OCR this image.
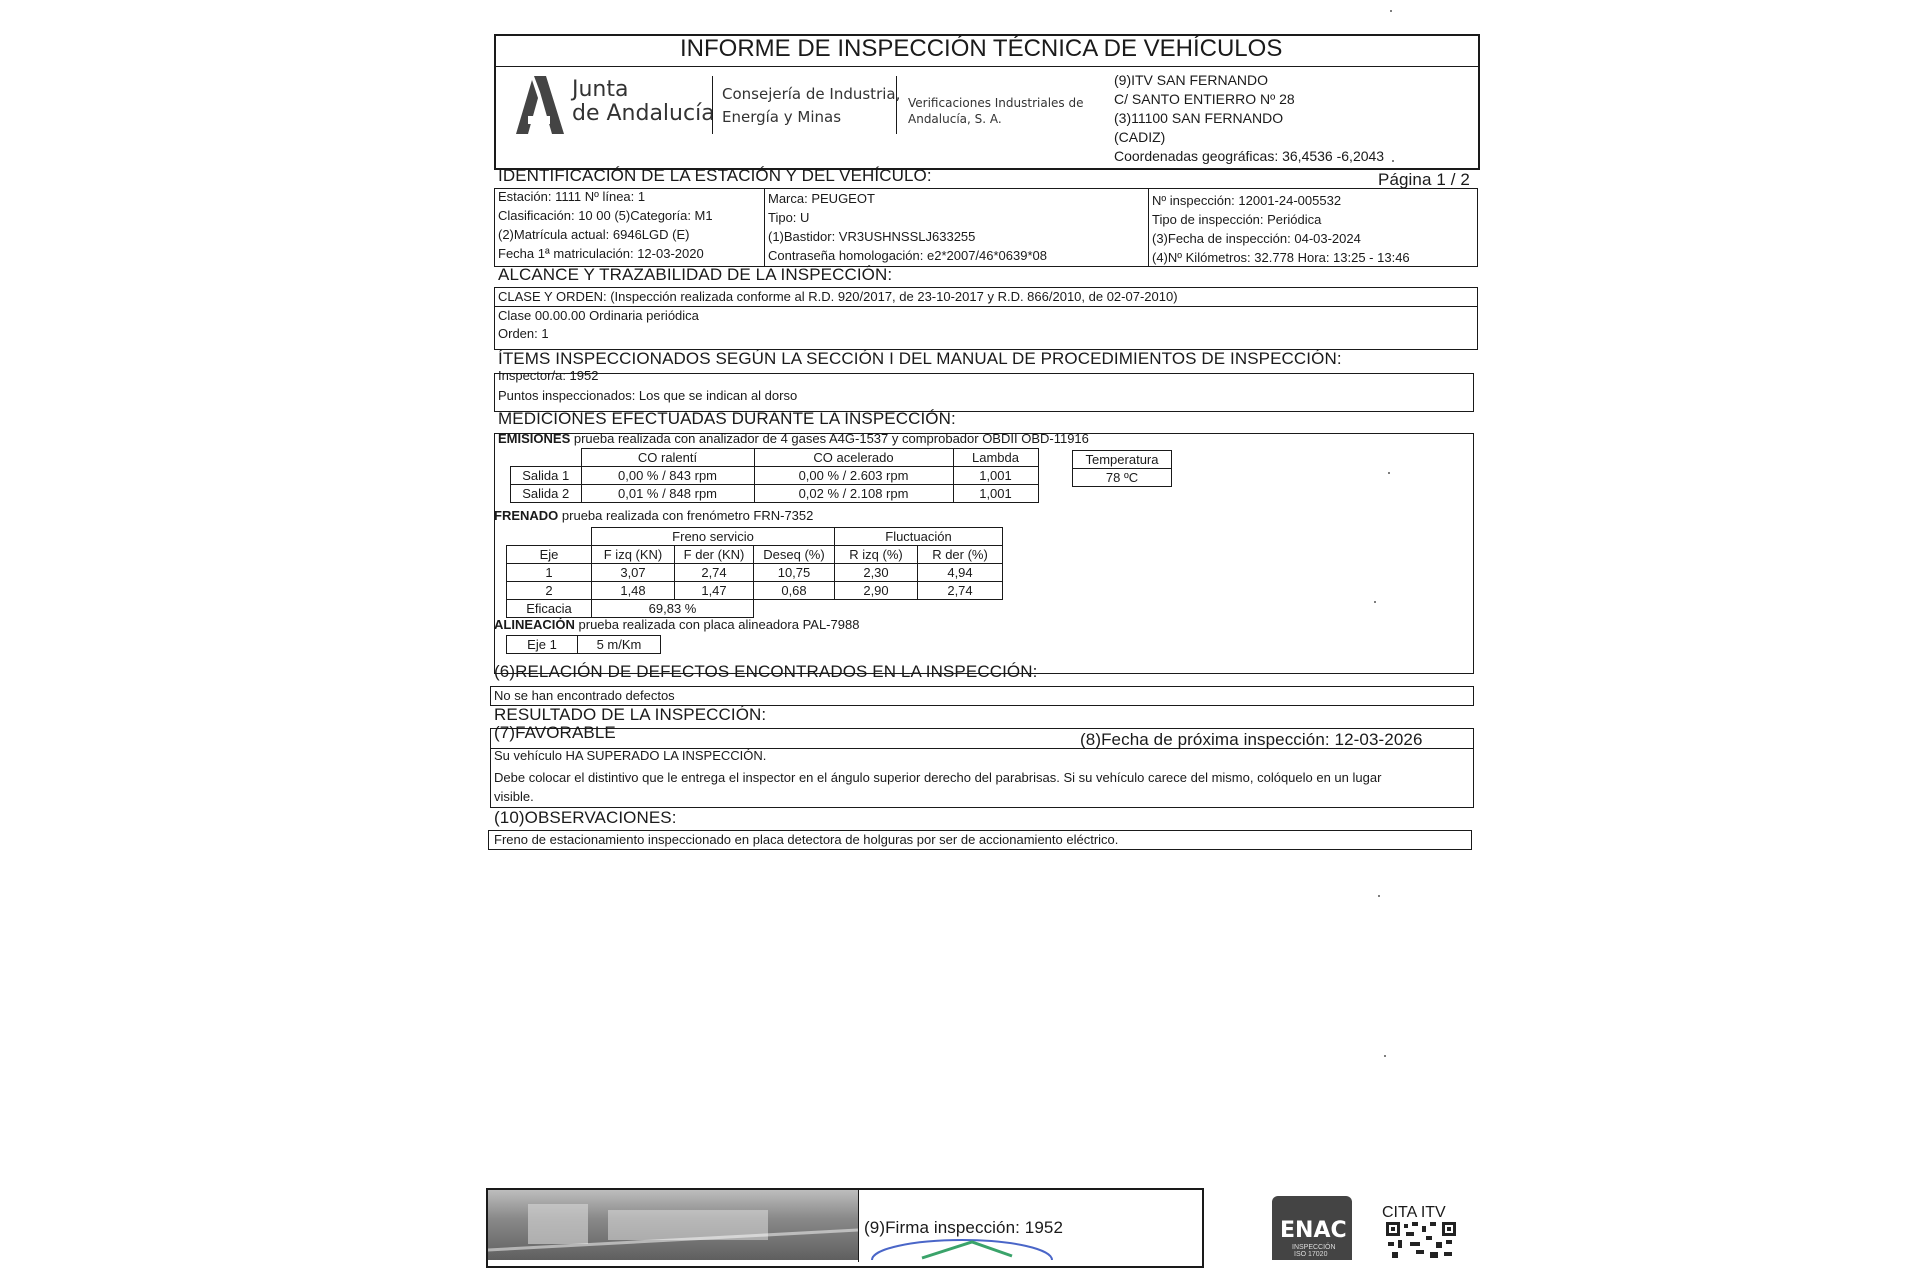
INFORME DE INSPECCIÓN TÉCNICA DE VEHÍCULOS
Junta
de Andalucía
Consejería de Industria,
Energía y Minas
Verificaciones Industriales de
Andalucía, S. A.
(9)ITV SAN FERNANDO
C/ SANTO ENTIERRO Nº 28
(3)11100 SAN FERNANDO
(CADIZ)
Coordenadas geográficas: 36,4536 -6,2043
IDENTIFICACIÓN DE LA ESTACIÓN Y DEL VEHÍCULO:	Página 1 / 2
Estación: 1111 Nº línea: 1
Clasificación: 10 00 (5)Categoría: M1
(2)Matrícula actual: 6946LGD (E)
Fecha 1ª matriculación: 12-03-2020
Marca: PEUGEOT
Tipo: U
(1)Bastidor: VR3USHNSSLJ633255
Contraseña homologación: e2*2007/46*0639*08
Nº inspección: 12001-24-005532
Tipo de inspección: Periódica
(3)Fecha de inspección: 04-03-2024
(4)Nº Kilómetros: 32.778 Hora: 13:25 - 13:46
ALCANCE Y TRAZABILIDAD DE LA INSPECCIÓN:
CLASE Y ORDEN: (Inspección realizada conforme al R.D. 920/2017, de 23-10-2017 y R.D. 866/2010, de 02-07-2010)
Clase 00.00.00 Ordinaria periódica
Orden: 1
ÍTEMS INSPECCIONADOS SEGÚN LA SECCIÓN I DEL MANUAL DE PROCEDIMIENTOS DE INSPECCIÓN:
Inspector/a: 1952
Puntos inspeccionados: Los que se indican al dorso
MEDICIONES EFECTUADAS DURANTE LA INSPECCIÓN:
EMISIONES prueba realizada con analizador de 4 gases A4G-1537 y comprobador OBDII OBD-11916
	CO ralentí	CO acelerado	Lambda
Salida 1	0,00 % / 843 rpm	0,00 % / 2.603 rpm	1,001
Salida 2	0,01 % / 848 rpm	0,02 % / 2.108 rpm	1,001
Temperatura
78 ºC
FRENADO prueba realizada con frenómetro FRN-7352
	Freno servicio			Fluctuación	
Eje	F izq (KN)	F der (KN)	Deseq (%)	R izq (%)	R der (%)
1	3,07	2,74	10,75	2,30	4,94
2	1,48	1,47	0,68	2,90	2,74
Eficacia	69,83 %				
ALINEACIÓN prueba realizada con placa alineadora PAL-7988
Eje 1	5 m/Km
(6)RELACIÓN DE DEFECTOS ENCONTRADOS EN LA INSPECCIÓN:
No se han encontrado defectos
RESULTADO DE LA INSPECCIÓN:
(7)FAVORABLE	(8)Fecha de próxima inspección: 12-03-2026
Su vehículo HA SUPERADO LA INSPECCIÓN.
Debe colocar el distintivo que le entrega el inspector en el ángulo superior derecho del parabrisas. Si su vehículo carece del mismo, colóquelo en un lugar
visible.
(10)OBSERVACIONES:
Freno de estacionamiento inspeccionado en placa detectora de holguras por ser de accionamiento eléctrico.
(9)Firma inspección: 1952	ENAC
INSPECCIÓN
ISO 17020
CITA ITV
